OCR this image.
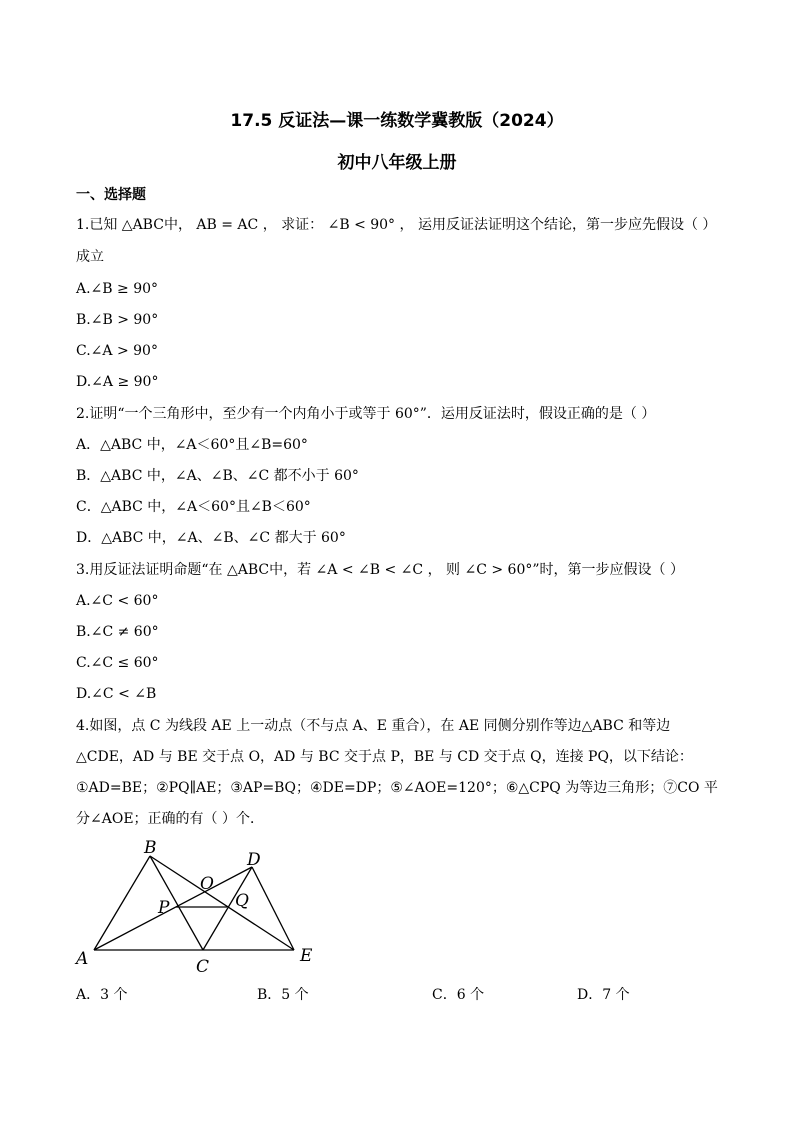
17.5 反证法—课一练数学冀教版（2024）
初中八年级上册
一、选择题
1.已知 △ABC中， AB = AC ， 求证： ∠B < 90° ， 运用反证法证明这个结论，第一步应先假设（ ）
成立
A.∠B ≥ 90°
B.∠B > 90°
C.∠A > 90°
D.∠A ≥ 90°
2.证明“一个三角形中，至少有一个内角小于或等于 60°”．运用反证法时，假设正确的是（ ）
A．△ABC 中，∠A＜60°且∠B=60°
B．△ABC 中，∠A、∠B、∠C 都不小于 60°
C．△ABC 中，∠A＜60°且∠B＜60°
D．△ABC 中，∠A、∠B、∠C 都大于 60°
3.用反证法证明命题“在 △ABC中，若 ∠A < ∠B < ∠C ， 则 ∠C > 60°”时，第一步应假设（ ）
A.∠C < 60°
B.∠C ≠ 60°
C.∠C ≤ 60°
D.∠C < ∠B
4.如图，点 C 为线段 AE 上一动点（不与点 A、E 重合），在 AE 同侧分别作等边△ABC 和等边
△CDE，AD 与 BE 交于点 O，AD 与 BC 交于点 P，BE 与 CD 交于点 Q，连接 PQ，以下结论：
①AD=BE；②PQ∥AE；③AP=BQ；④DE=DP；⑤∠AOE=120°；⑥△CPQ 为等边三角形；⑦CO 平
分∠AOE；正确的有（ ）个．
B
D
O
P	Q
A	C
E
A．3 个	B．5 个	C．6 个	D．7 个
